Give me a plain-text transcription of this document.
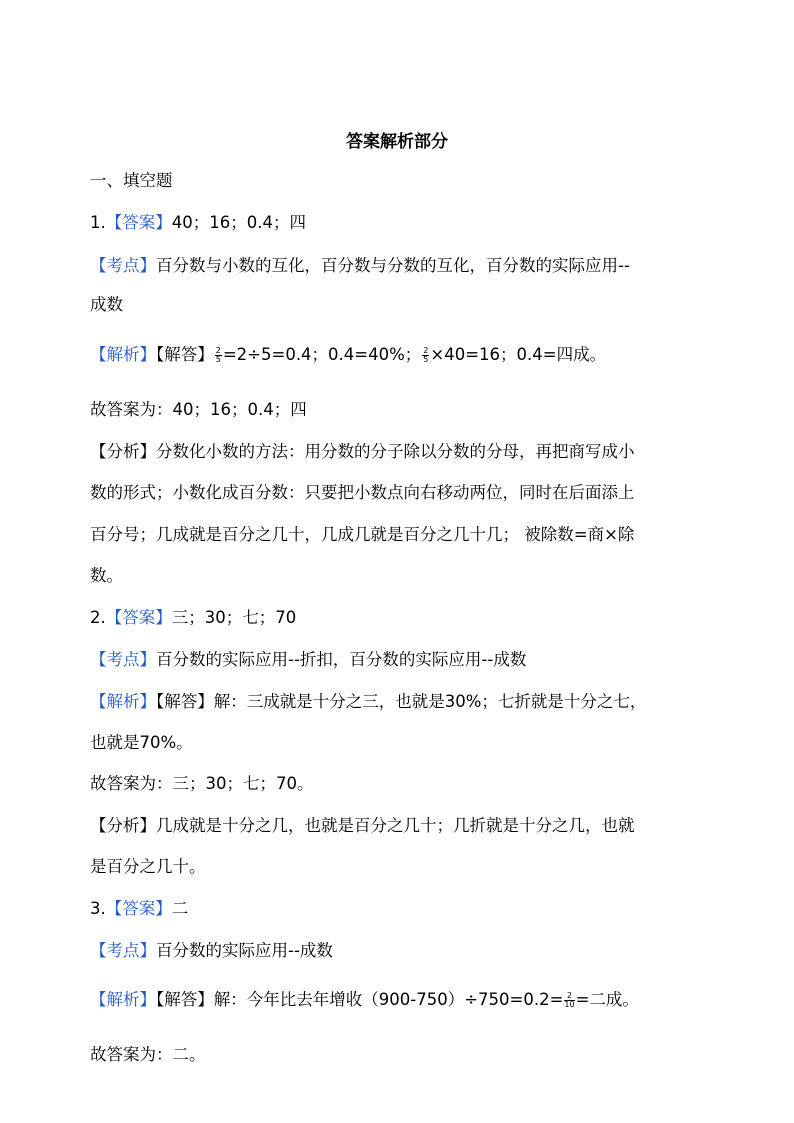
答案解析部分
一、填空题
1.【答案】40；16；0.4；四
【考点】百分数与小数的互化，百分数与分数的互化，百分数的实际应用--
成数
【解析】【解答】 $\frac{2}{5} =2\div 5=0.4$；0.4=40%； $\frac{2}{5} \times 40=16$；0.4=四成。
故答案为：40；16；0.4；四
【分析】分数化小数的方法：用分数的分子除以分数的分母，再把商写成小
数的形式；小数化成百分数：只要把小数点向右移动两位，同时在后面添上
百分号；几成就是百分之几十，几成几就是百分之几十几； 被除数=商×除
数。
2.【答案】三；30；七；70
【考点】百分数的实际应用--折扣，百分数的实际应用--成数
【解析】【解答】解：三成就是十分之三，也就是30%；七折就是十分之七，
也就是70%。
故答案为：三；30；七；70。
【分析】几成就是十分之几，也就是百分之几十；几折就是十分之几，也就
是百分之几十。
3.【答案】二
【考点】百分数的实际应用--成数
【解析】【解答】解：今年比去年增收$(900-750)\div 750=0.2= \frac{2}{10}$ =二成。
故答案为：二。
